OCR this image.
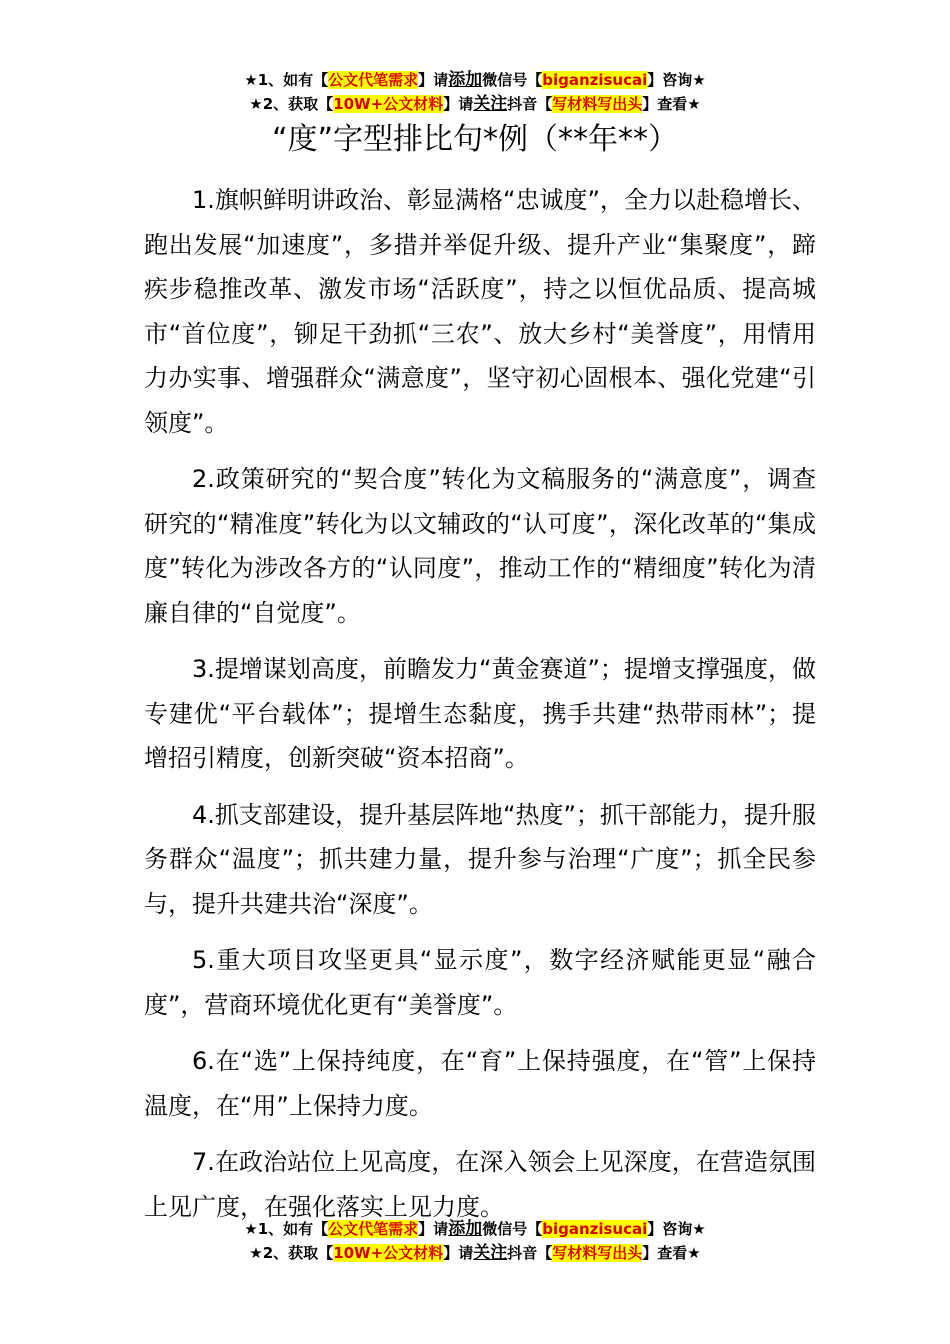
★1、如有【公文代笔需求】请添加微信号【biganzisucai】咨询★
★2、获取【10W+公文材料】请关注抖音【写材料写出头】查看★
“度”字型排比句*例（**年**）

1.旗帜鲜明讲政治、彰显满格“忠诚度”，全力以赴稳增长、跑出发展“加速度”，多措并举促升级、提升产业“集聚度”，蹄疾步稳推改革、激发市场“活跃度”，持之以恒优品质、提高城市“首位度”，铆足干劲抓“三农”、放大乡村“美誉度”，用情用力办实事、增强群众“满意度”，坚守初心固根本、强化党建“引领度”。

2.政策研究的“契合度”转化为文稿服务的“满意度”，调查研究的“精准度”转化为以文辅政的“认可度”，深化改革的“集成度”转化为涉改各方的“认同度”，推动工作的“精细度”转化为清廉自律的“自觉度”。

3.提增谋划高度，前瞻发力“黄金赛道”；提增支撑强度，做专建优“平台载体”；提增生态黏度，携手共建“热带雨林”；提增招引精度，创新突破“资本招商”。

4.抓支部建设，提升基层阵地“热度”；抓干部能力，提升服务群众“温度”；抓共建力量，提升参与治理“广度”；抓全民参与，提升共建共治“深度”。

5.重大项目攻坚更具“显示度”，数字经济赋能更显“融合度”，营商环境优化更有“美誉度”。

6.在“选”上保持纯度，在“育”上保持强度，在“管”上保持温度，在“用”上保持力度。

7.在政治站位上见高度，在深入领会上见深度，在营造氛围上见广度，在强化落实上见力度。

★1、如有【公文代笔需求】请添加微信号【biganzisucai】咨询★
★2、获取【10W+公文材料】请关注抖音【写材料写出头】查看★
